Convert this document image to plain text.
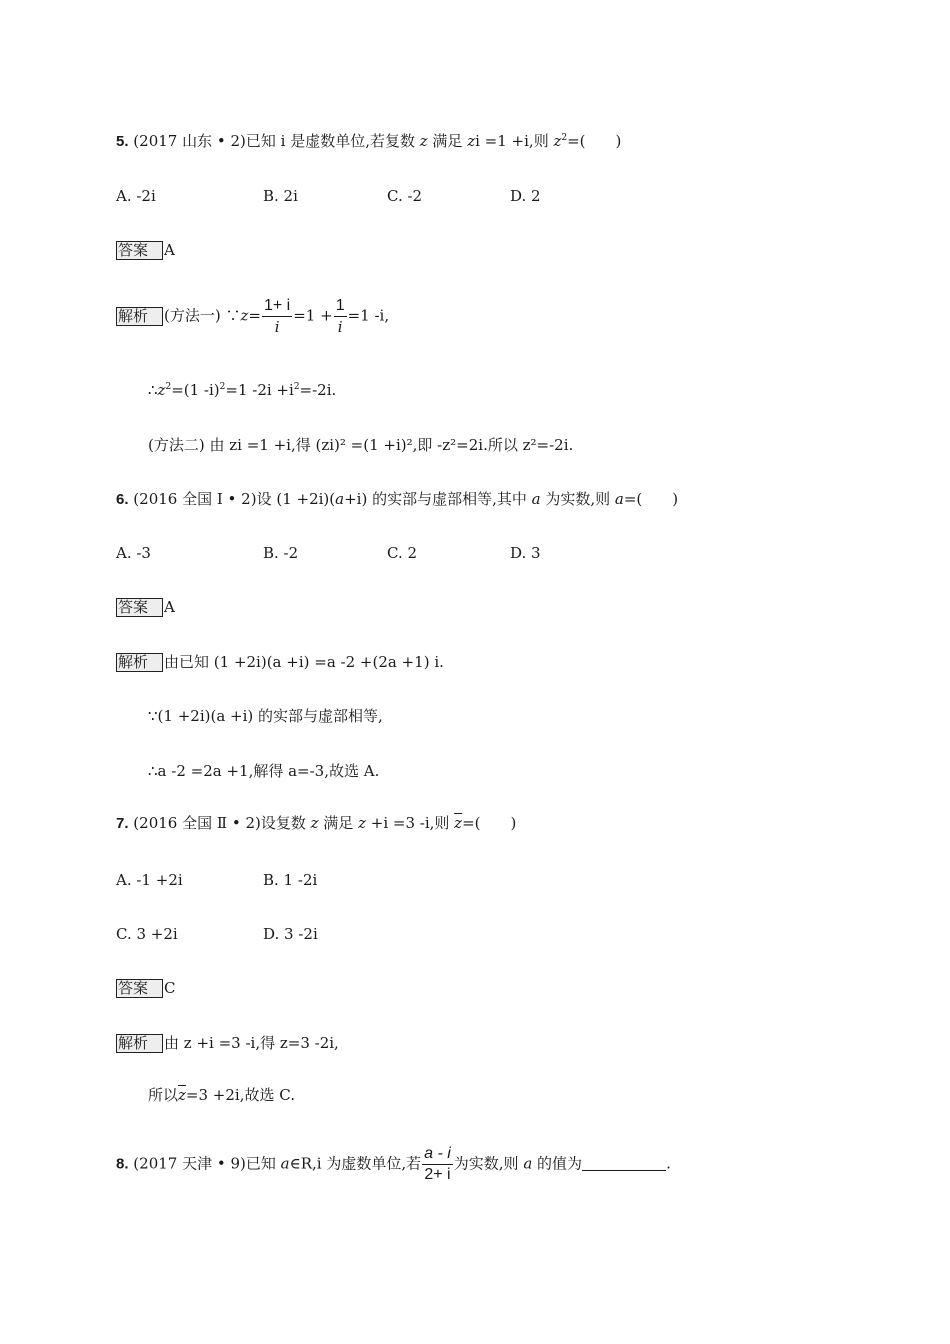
5. (2017 山东 • 2)已知 i 是虚数单位,若复数 z 满足 zi =1 +i,则 $z^2=$(　　)
A. -2i	B. 2i	C. -2	D. 2
答案 A
解析 (方法一) ∵z= $\frac{1+ i}{i} =1 + \frac{1}{i} =1$ -i,
$\therefore z^2=(1$ -i)$^2$=1 $-2i +i^2=-2i$.
(方法二) 由 zi =1 +i,得 (zi)² =(1 +i)²,即 -z²=2i.所以 z²=-2i.
6. (2016 全国 Ⅰ • 2)设 (1 +2i)(a+i) 的实部与虚部相等,其中 a 为实数,则 a=(　　)
A. -3	B. -2	C. 2	D. 3
答案 A
解析 由已知 (1 +2i)(a +i) =a -2 +(2a +1) i.
∵(1 +2i)(a +i) 的实部与虚部相等,
∴a -2 =2a +1,解得 a=-3,故选 A.
7. (2016 全国 Ⅱ • 2)设复数 z 满足 z +i =3 -i,则 $\overline{z}=$(　　)
A. -1 +2i	B. 1 -2i
C. 3 +2i	D. 3 -2i
答案 C
解析 由 z +i =3 -i,得 z=3 -2i,
所以$\overline{z}=3 +2i$,故选 C.
8. (2017 天津 • 9)已知 a∈R,i 为虚数单位,若 $\frac{a - i}{2+ i}$ 为实数,则 a 的值为	.
